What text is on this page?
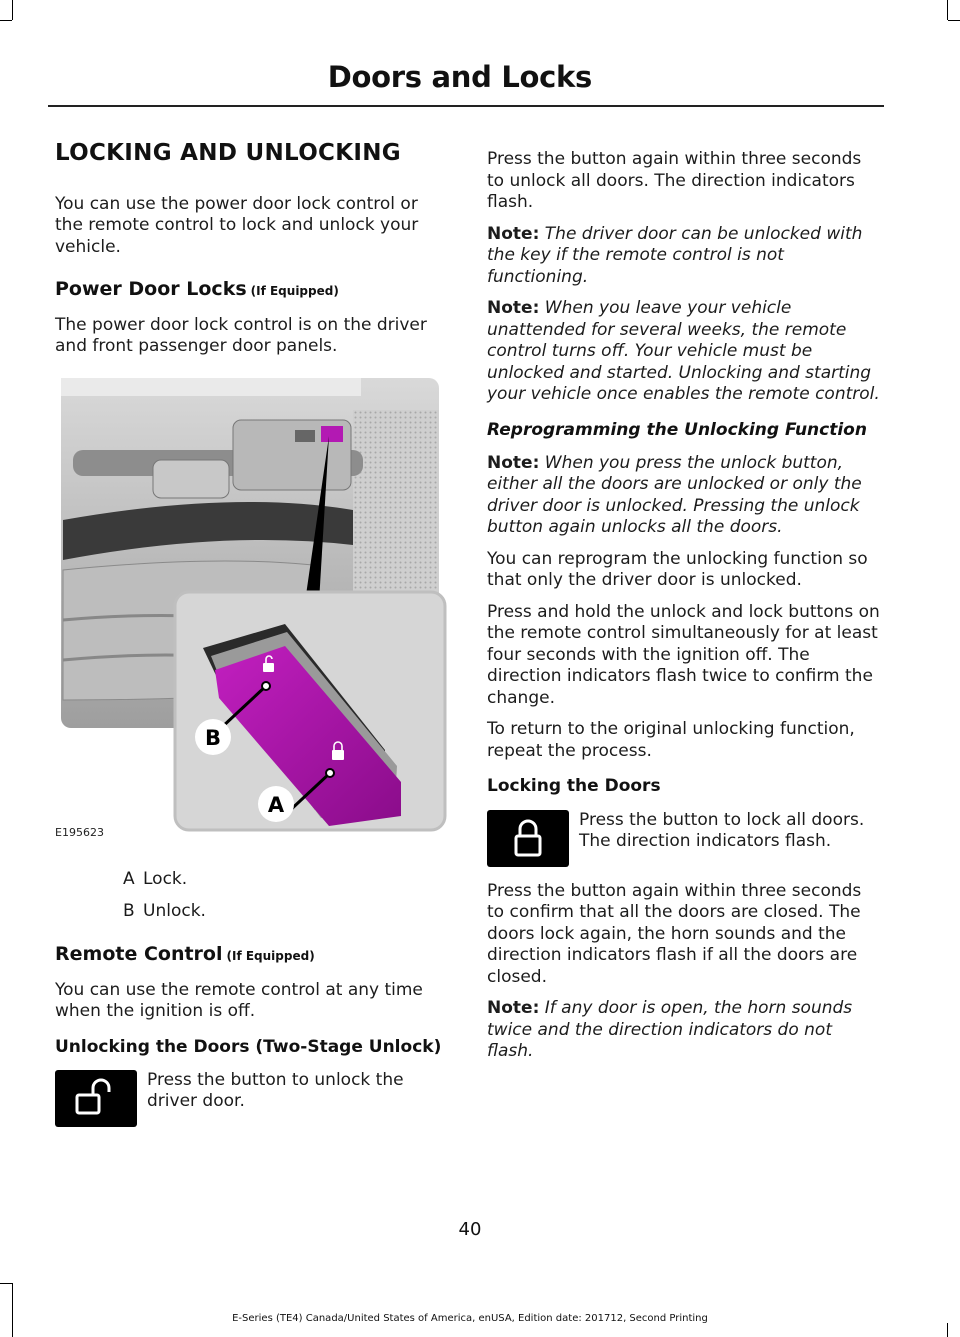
Doors and Locks
LOCKING AND UNLOCKING

You can use the power door lock control or the remote control to lock and unlock your vehicle.

Power Door Locks (If Equipped)

The power door lock control is on the driver and front passenger door panels.

B
A
E195623
A Lock.
B Unlock.
Remote Control (If Equipped)

You can use the remote control at any time when the ignition is off.

Unlocking the Doors (Two-Stage Unlock)

Press the button to unlock the driver door.

Press the button again within three seconds to unlock all doors. The direction indicators flash.

Note: The driver door can be unlocked with the key if the remote control is not functioning.

Note: When you leave your vehicle unattended for several weeks, the remote control turns off. Your vehicle must be unlocked and started. Unlocking and starting your vehicle once enables the remote control.

Reprogramming the Unlocking Function

Note: When you press the unlock button, either all the doors are unlocked or only the driver door is unlocked. Pressing the unlock button again unlocks all the doors.

You can reprogram the unlocking function so that only the driver door is unlocked.

Press and hold the unlock and lock buttons on the remote control simultaneously for at least four seconds with the ignition off. The direction indicators flash twice to confirm the change.

To return to the original unlocking function, repeat the process.

Locking the Doors

Press the button to lock all doors. The direction indicators flash.

Press the button again within three seconds to confirm that all the doors are closed. The doors lock again, the horn sounds and the direction indicators flash if all the doors are closed.

Note: If any door is open, the horn sounds twice and the direction indicators do not flash.

40
E-Series (TE4) Canada/United States of America, enUSA, Edition date: 201712, Second Printing
